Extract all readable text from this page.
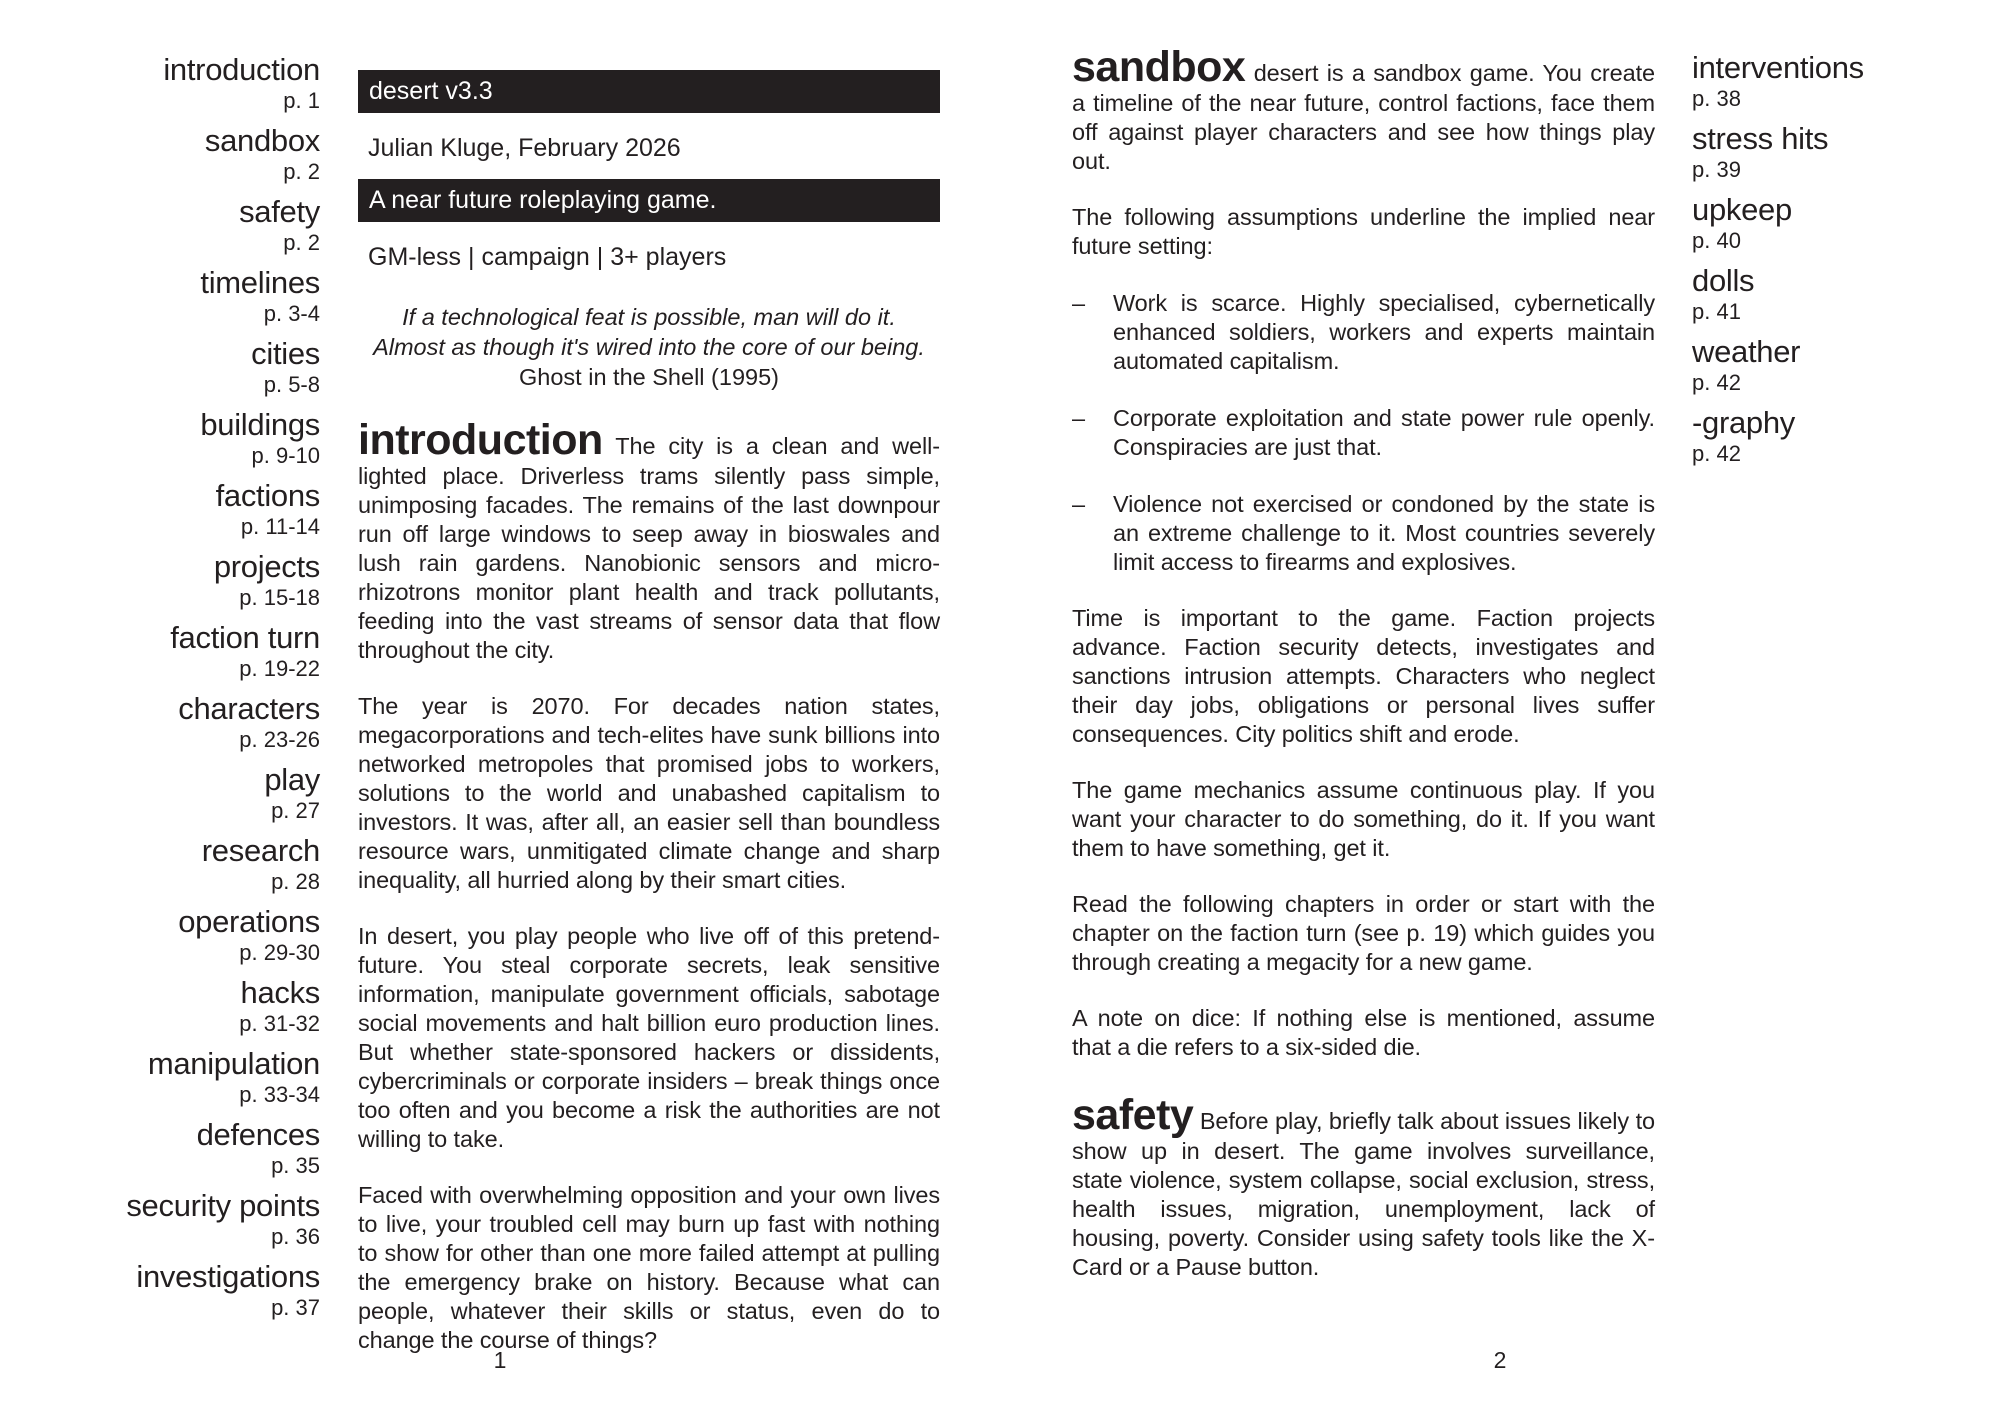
introduction
p. 1
sandbox
p. 2
safety
p. 2
timelines
p. 3-4
cities
p. 5-8
buildings
p. 9-10
factions
p. 11-14
projects
p. 15-18
faction turn
p. 19-22
characters
p. 23-26
play
p. 27
research
p. 28
operations
p. 29-30
hacks
p. 31-32
manipulation
p. 33-34
defences
p. 35
security points
p. 36
investigations
p. 37
desert v3.3
Julian Kluge, February 2026
A near future roleplaying game.
GM-less | campaign | 3+ players
If a technological feat is possible, man will do it.
Almost as though it's wired into the core of our being.
Ghost in the Shell (1995)

introduction The city is a clean and well-lighted place. Driverless trams silently pass simple, unimposing facades. The remains of the last downpour run off large windows to seep away in bioswales and lush rain gardens. Nanobionic sensors and micro-rhizotrons monitor plant health and track pollutants, feeding into the vast streams of sensor data that flow throughout the city.

The year is 2070. For decades nation states, megacorporations and tech-elites have sunk billions into networked metropoles that promised jobs to workers, solutions to the world and unabashed capitalism to investors. It was, after all, an easier sell than boundless resource wars, unmitigated climate change and sharp inequality, all hurried along by their smart cities.

In desert, you play people who live off of this pretend-future. You steal corporate secrets, leak sensitive information, manipulate government officials, sabotage social movements and halt billion euro production lines. But whether state-sponsored hackers or dissidents, cybercriminals or corporate insiders – break things once too often and you become a risk the authorities are not willing to take.

Faced with overwhelming opposition and your own lives to live, your troubled cell may burn up fast with nothing to show for other than one more failed attempt at pulling the emergency brake on history. Because what can people, whatever their skills or status, even do to change the course of things?

sandbox desert is a sandbox game. You create a timeline of the near future, control factions, face them off against player characters and see how things play out.

The following assumptions underline the implied near future setting:

– Work is scarce. Highly specialised, cybernetically enhanced soldiers, workers and experts maintain automated capitalism.

– Corporate exploitation and state power rule openly. Conspiracies are just that.

– Violence not exercised or condoned by the state is an extreme challenge to it. Most countries severely limit access to firearms and explosives.

Time is important to the game. Faction projects advance. Faction security detects, investigates and sanctions intrusion attempts. Characters who neglect their day jobs, obligations or personal lives suffer consequences. City politics shift and erode.

The game mechanics assume continuous play. If you want your character to do something, do it. If you want them to have something, get it.

Read the following chapters in order or start with the chapter on the faction turn (see p. 19) which guides you through creating a megacity for a new game.

A note on dice: If nothing else is mentioned, assume that a die refers to a six-sided die.

safety Before play, briefly talk about issues likely to show up in desert. The game involves surveillance, state violence, system collapse, social exclusion, stress, health issues, migration, unemployment, lack of housing, poverty. Consider using safety tools like the X-Card or a Pause button.

interventions
p. 38
stress hits
p. 39
upkeep
p. 40
dolls
p. 41
weather
p. 42
-graphy
p. 42
1	2
